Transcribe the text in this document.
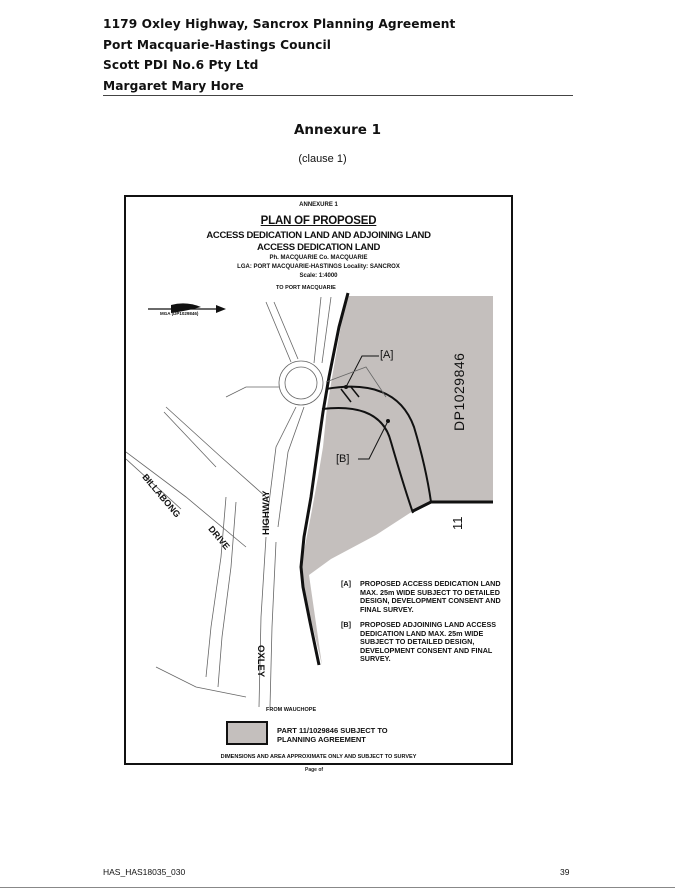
1179 Oxley Highway, Sancrox Planning Agreement
Port Macquarie-Hastings Council
Scott PDI No.6 Pty Ltd
Margaret Mary Hore
Annexure 1
(clause 1)
ANNEXURE 1
PLAN OF PROPOSED
ACCESS DEDICATION LAND AND ADJOINING LAND
ACCESS DEDICATION LAND
Ph. MACQUARIE Co. MACQUARIE
LGA: PORT MACQUARIE-HASTINGS Locality: SANCROX
Scale: 1:4000
TO PORT MACQUARIE
MGA (DP1029846)
BILLABONG
DRIVE
HIGHWAY
OXLEY
DP1029846
11
[A]
[B]
[A] PROPOSED ACCESS DEDICATION LAND MAX. 25m WIDE SUBJECT TO DETAILED DESIGN, DEVELOPMENT CONSENT AND FINAL SURVEY.
[B] PROPOSED ADJOINING LAND ACCESS DEDICATION LAND MAX. 25m WIDE SUBJECT TO DETAILED DESIGN, DEVELOPMENT CONSENT AND FINAL SURVEY.
FROM WAUCHOPE
PART 11/1029846 SUBJECT TO PLANNING AGREEMENT
DIMENSIONS AND AREA APPROXIMATE ONLY AND SUBJECT TO SURVEY
Page of
HAS_HAS18035_030	39
